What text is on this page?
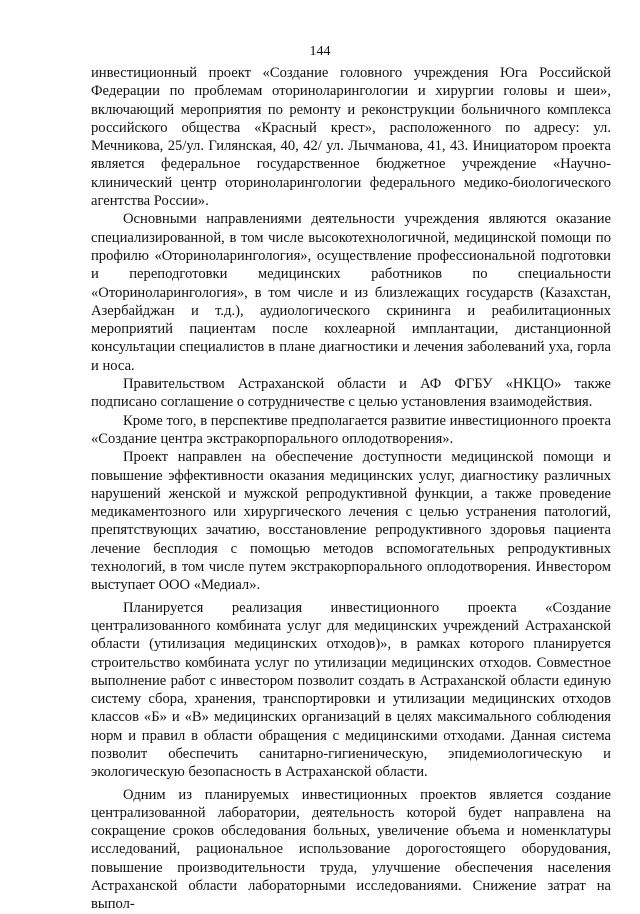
144

инвестиционный проект «Создание головного учреждения Юга Российской Федерации по проблемам оториноларингологии и хирургии головы и шеи», включающий мероприятия по ремонту и реконструкции больничного комплекса российского общества «Красный крест», расположенного по адресу: ул. Мечникова, 25/ул. Гилянская, 40, 42/ ул. Лычманова, 41, 43. Инициатором проекта является федеральное государственное бюджетное учреждение «Научно-клинический центр оториноларингологии федерального медико-биологического агентства России».

Основными направлениями деятельности учреждения являются оказание специализированной, в том числе высокотехнологичной, медицинской помощи по профилю «Оториноларингология», осуществление профессиональной подготовки и переподготовки медицинских работников по специальности «Оториноларингология», в том числе и из близлежащих государств (Казахстан, Азербайджан и т.д.), аудиологического скрининга и реабилитационных мероприятий пациентам после кохлеарной имплантации, дистанционной консультации специалистов в плане диагностики и лечения заболеваний уха, горла и носа.

Правительством Астраханской области и АФ ФГБУ «НКЦО» также подписано соглашение о сотрудничестве с целью установления взаимодействия.

Кроме того, в перспективе предполагается развитие инвестиционного проекта «Создание центра экстракорпорального оплодотворения».

Проект направлен на обеспечение доступности медицинской помощи и повышение эффективности оказания медицинских услуг, диагностику различных нарушений женской и мужской репродуктивной функции, а также проведение медикаментозного или хирургического лечения с целью устранения патологий, препятствующих зачатию, восстановление репродуктивного здоровья пациента лечение бесплодия с помощью методов вспомогательных репродуктивных технологий, в том числе путем экстракорпорального оплодотворения. Инвестором выступает ООО «Медиал».

Планируется реализация инвестиционного проекта «Создание централизованного комбината услуг для медицинских учреждений Астраханской области (утилизация медицинских отходов)», в рамках которого планируется строительство комбината услуг по утилизации медицинских отходов. Совместное выполнение работ с инвестором позволит создать в Астраханской области единую систему сбора, хранения, транспортировки и утилизации медицинских отходов классов «Б» и «В» медицинских организаций в целях максимального соблюдения норм и правил в области обращения с медицинскими отходами. Данная система позволит обеспечить санитарно-гигиеническую, эпидемиологическую и экологическую безопасность в Астраханской области.

Одним из планируемых инвестиционных проектов является создание централизованной лаборатории, деятельность которой будет направлена на сокращение сроков обследования больных, увеличение объема и номенклатуры исследований, рациональное использование дорогостоящего оборудования, повышение производительности труда, улучшение обеспечения населения Астраханской области лабораторными исследованиями. Снижение затрат на выпол-
